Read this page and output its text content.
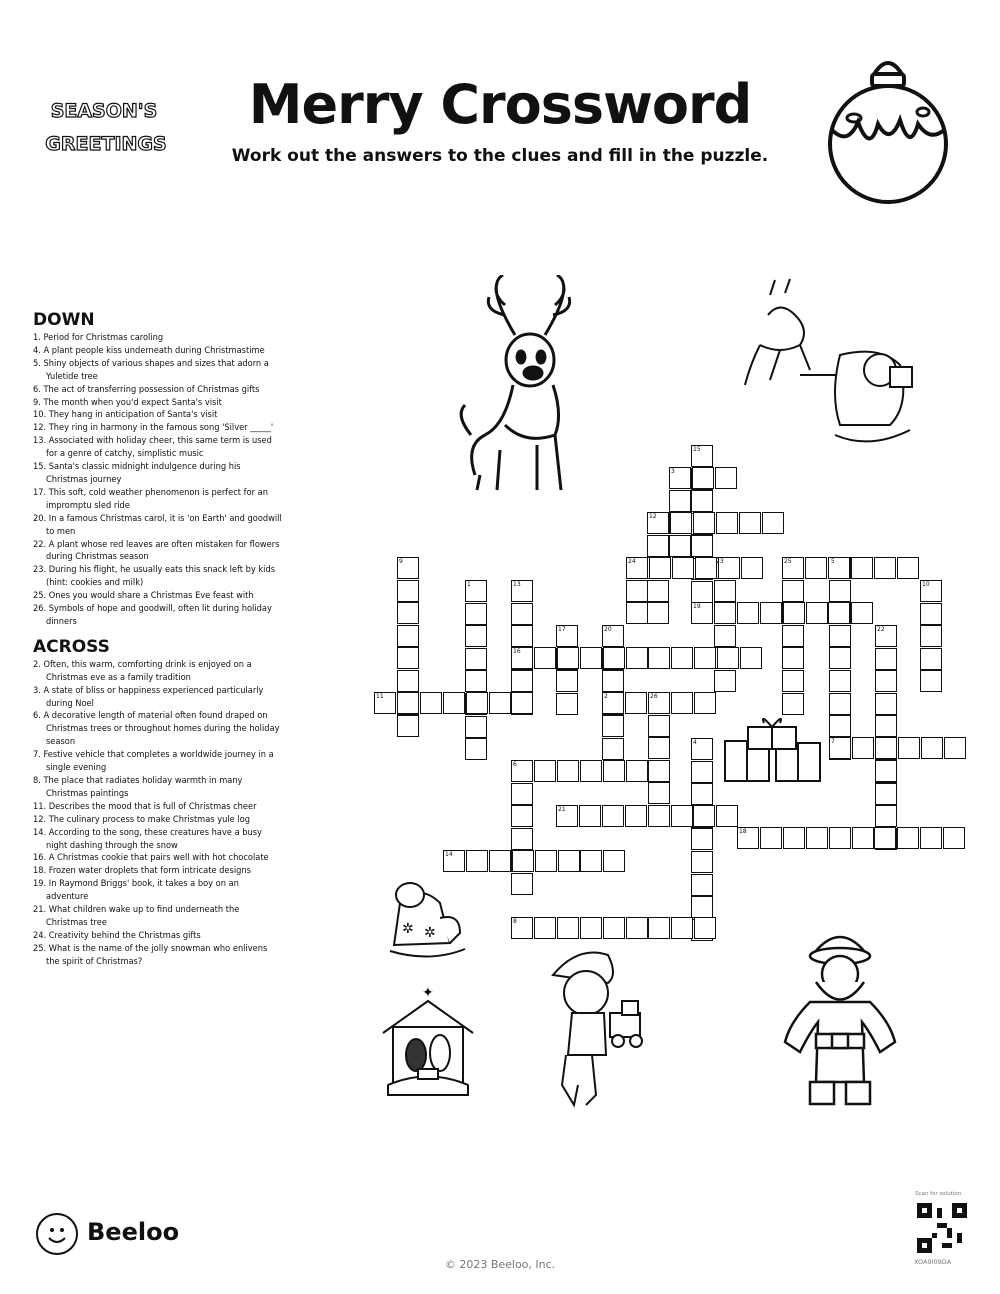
SEASON'S
GREETINGS
Merry Crossword
Work out the answers to the clues and fill in the puzzle.
DOWN
1. Period for Christmas caroling
4. A plant people kiss underneath during Christmastime
5. Shiny objects of various shapes and sizes that adorn a Yuletide tree
6. The act of transferring possession of Christmas gifts
9. The month when you'd expect Santa's visit
10. They hang in anticipation of Santa's visit
12. They ring in harmony in the famous song 'Silver _____'
13. Associated with holiday cheer, this same term is used for a genre of catchy, simplistic music
15. Santa's classic midnight indulgence during his Christmas journey
17. This soft, cold weather phenomenon is perfect for an impromptu sled ride
20. In a famous Christmas carol, it is 'on Earth' and goodwill to men
22. A plant whose red leaves are often mistaken for flowers during Christmas season
23. During his flight, he usually eats this snack left by kids (hint: cookies and milk)
25. Ones you would share a Christmas Eve feast with
26. Symbols of hope and goodwill, often lit during holiday dinners
ACROSS
2. Often, this warm, comforting drink is enjoyed on a Christmas eve as a family tradition
3. A state of bliss or happiness experienced particularly during Noel
6. A decorative length of material often found draped on Christmas trees or throughout homes during the holiday season
7. Festive vehicle that completes a worldwide journey in a single evening
8. The place that radiates holiday warmth in many Christmas paintings
11. Describes the mood that is full of Christmas cheer
12. The culinary process to make Christmas yule log
14. According to the song, these creatures have a busy night dashing through the snow
16. A Christmas cookie that pairs well with hot chocolate
18. Frozen water droplets that form intricate designs
19. In Raymond Briggs' book, it takes a boy on an adventure
21. What children wake up to find underneath the Christmas tree
24. Creativity behind the Christmas gifts
25. What is the name of the jolly snowman who enlivens the spirit of Christmas?
1
2
3
4
5
6
7
8
9
10
11
12
13
14
15
16
17
18
19
20
21
22
23
24	25
26
✲ ✲
✦
Beeloo
© 2023 Beeloo, Inc.
Scan for solution
XOA9I09DA
